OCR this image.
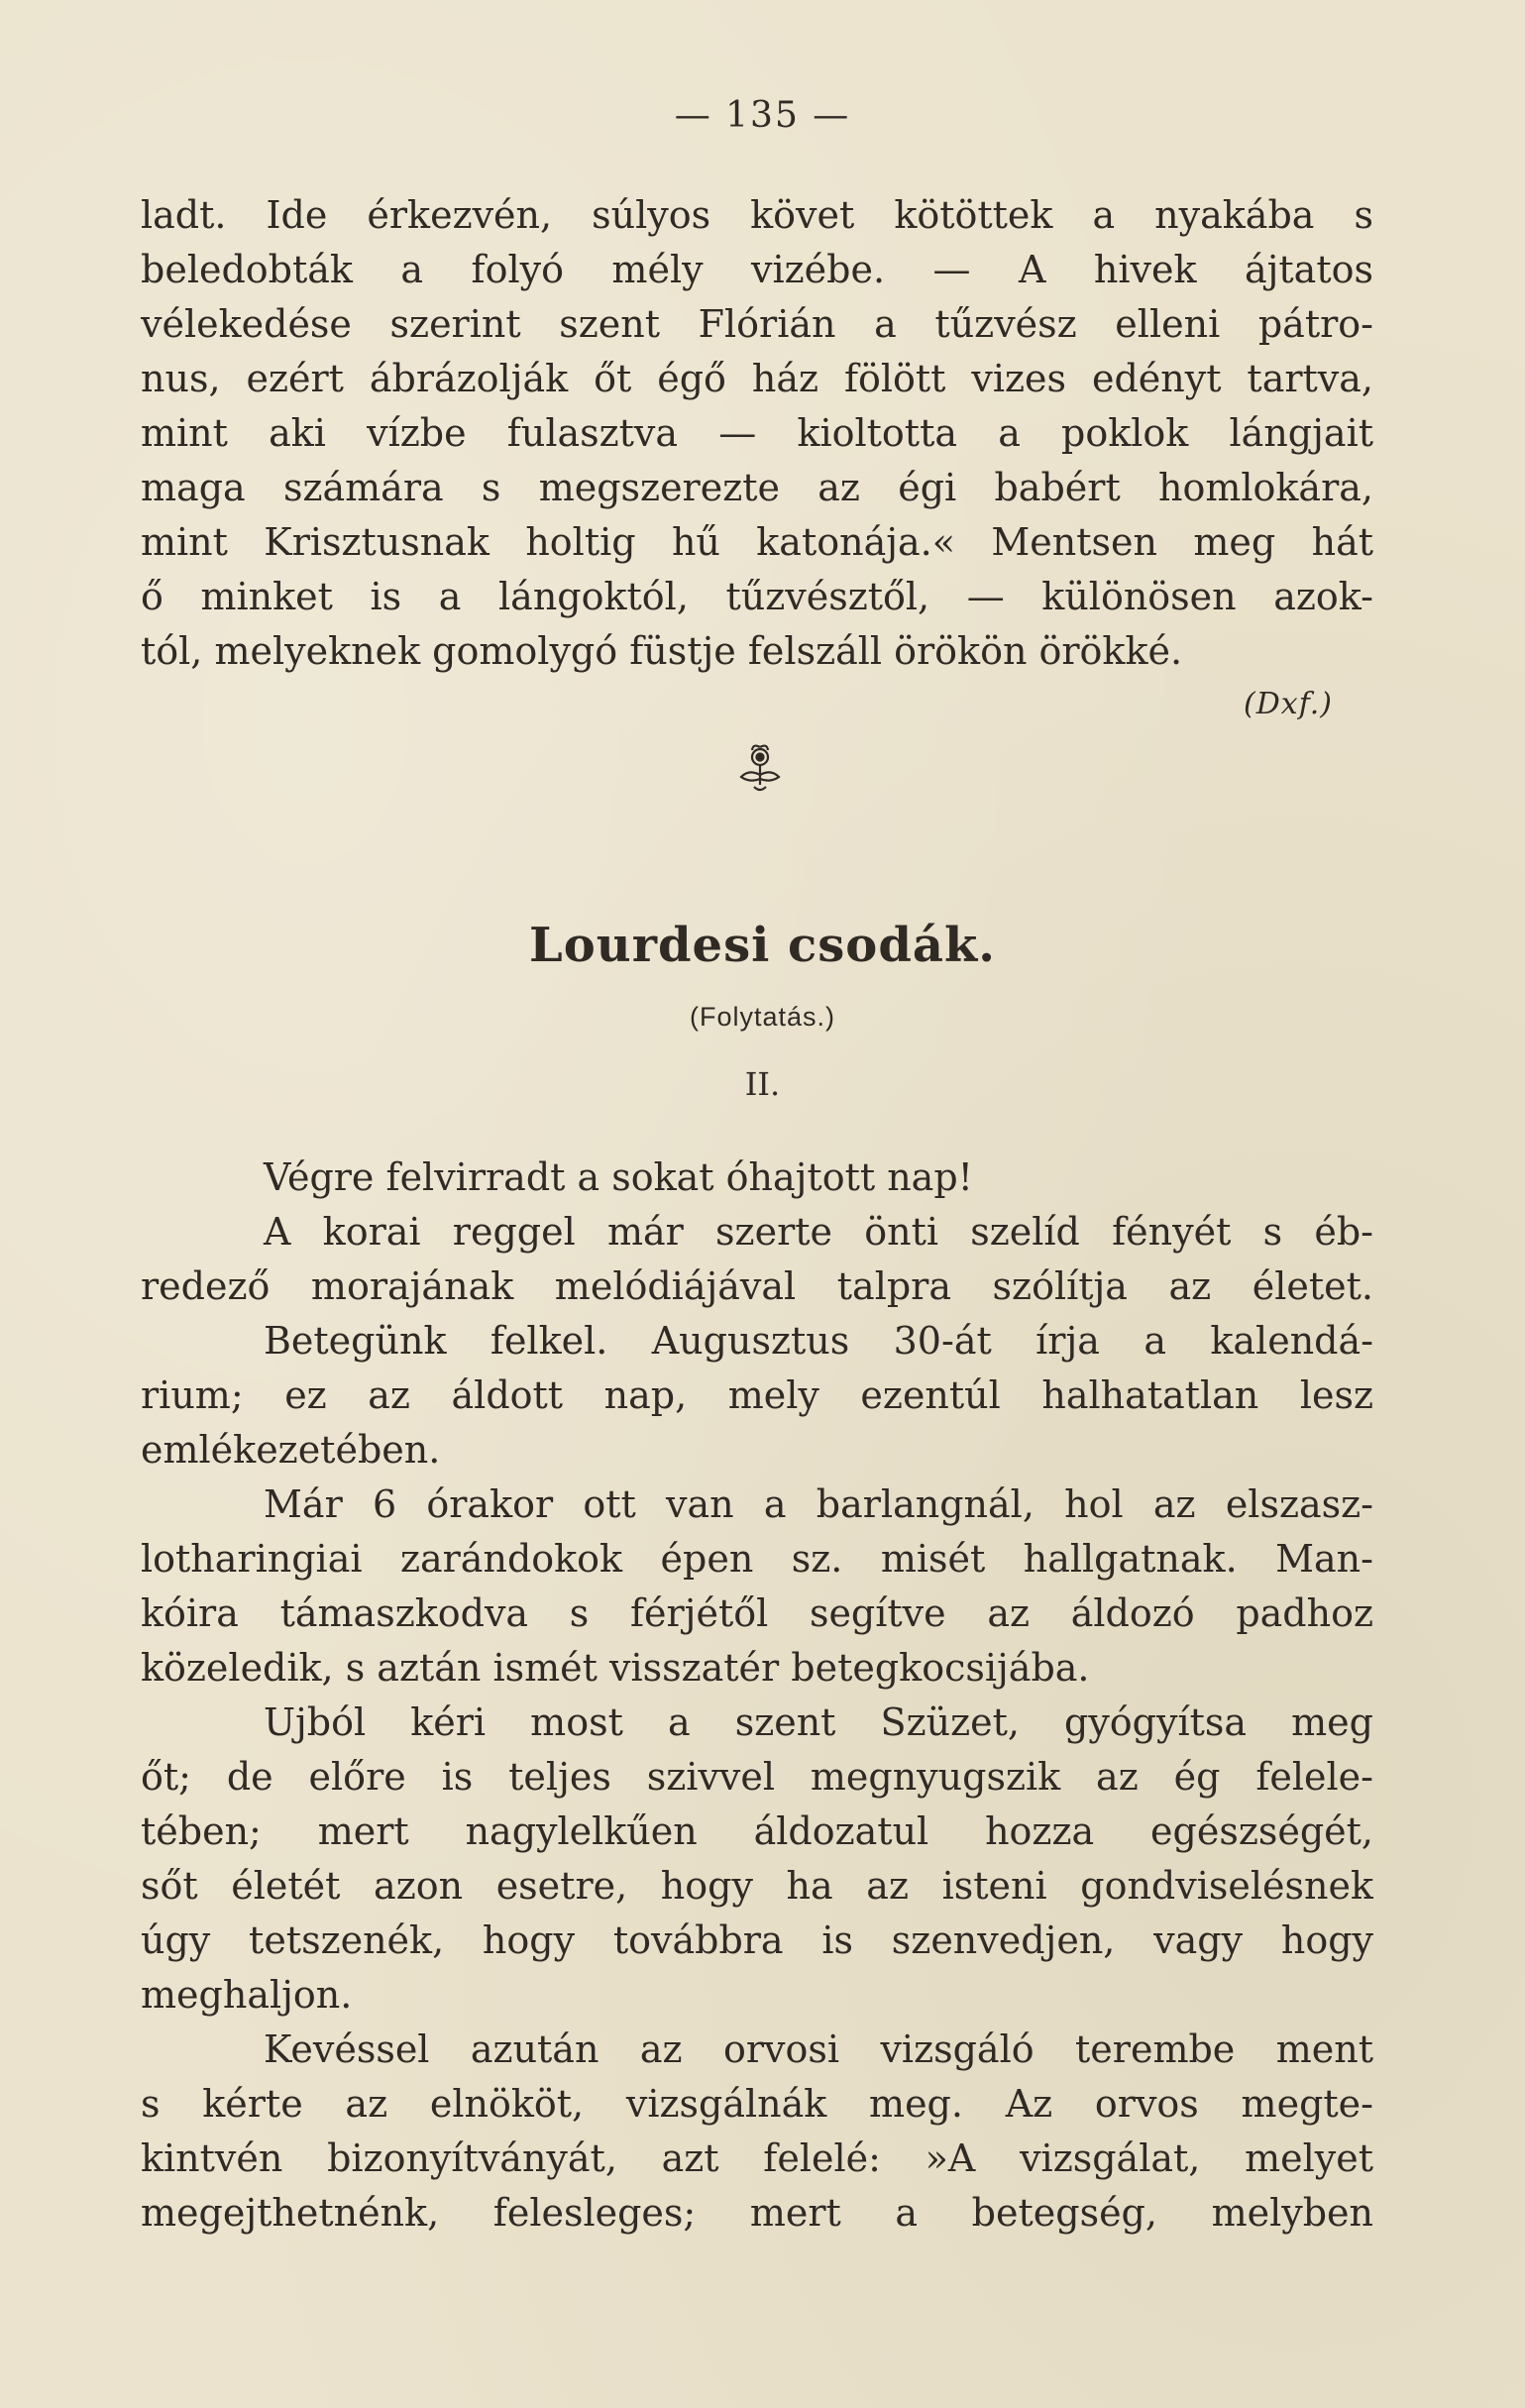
— 135 —
ladt. Ide érkezvén, súlyos követ kötöttek a nyakába s
beledobták a folyó mély vizébe. — A hivek ájtatos
vélekedése szerint szent Flórián a tűzvész elleni pátro-
nus, ezért ábrázolják őt égő ház fölött vizes edényt tartva,
mint aki vízbe fulasztva — kioltotta a poklok lángjait
maga számára s megszerezte az égi babért homlokára,
mint Krisztusnak holtig hű katonája.« Mentsen meg hát
ő minket is a lángoktól, tűzvésztől, — különösen azok-
tól, melyeknek gomolygó füstje felszáll örökön örökké.
(Dxf.)
Lourdesi csodák.
(Folytatás.)
II.
Végre felvirradt a sokat óhajtott nap!
A korai reggel már szerte önti szelíd fényét s éb-
redező morajának melódiájával talpra szólítja az életet.
Betegünk felkel. Augusztus 30-át írja a kalendá-
rium; ez az áldott nap, mely ezentúl halhatatlan lesz
emlékezetében.
Már 6 órakor ott van a barlangnál, hol az elszasz-
lotharingiai zarándokok épen sz. misét hallgatnak. Man-
kóira támaszkodva s férjétől segítve az áldozó padhoz
közeledik, s aztán ismét visszatér betegkocsijába.
Ujból kéri most a szent Szüzet, gyógyítsa meg
őt; de előre is teljes szivvel megnyugszik az ég felele-
tében; mert nagylelkűen áldozatul hozza egészségét,
sőt életét azon esetre, hogy ha az isteni gondviselésnek
úgy tetszenék, hogy továbbra is szenvedjen, vagy hogy
meghaljon.
Kevéssel azután az orvosi vizsgáló terembe ment
s kérte az elnököt, vizsgálnák meg. Az orvos megte-
kintvén bizonyítványát, azt felelé: »A vizsgálat, melyet
megejthetnénk, felesleges; mert a betegség, melyben
